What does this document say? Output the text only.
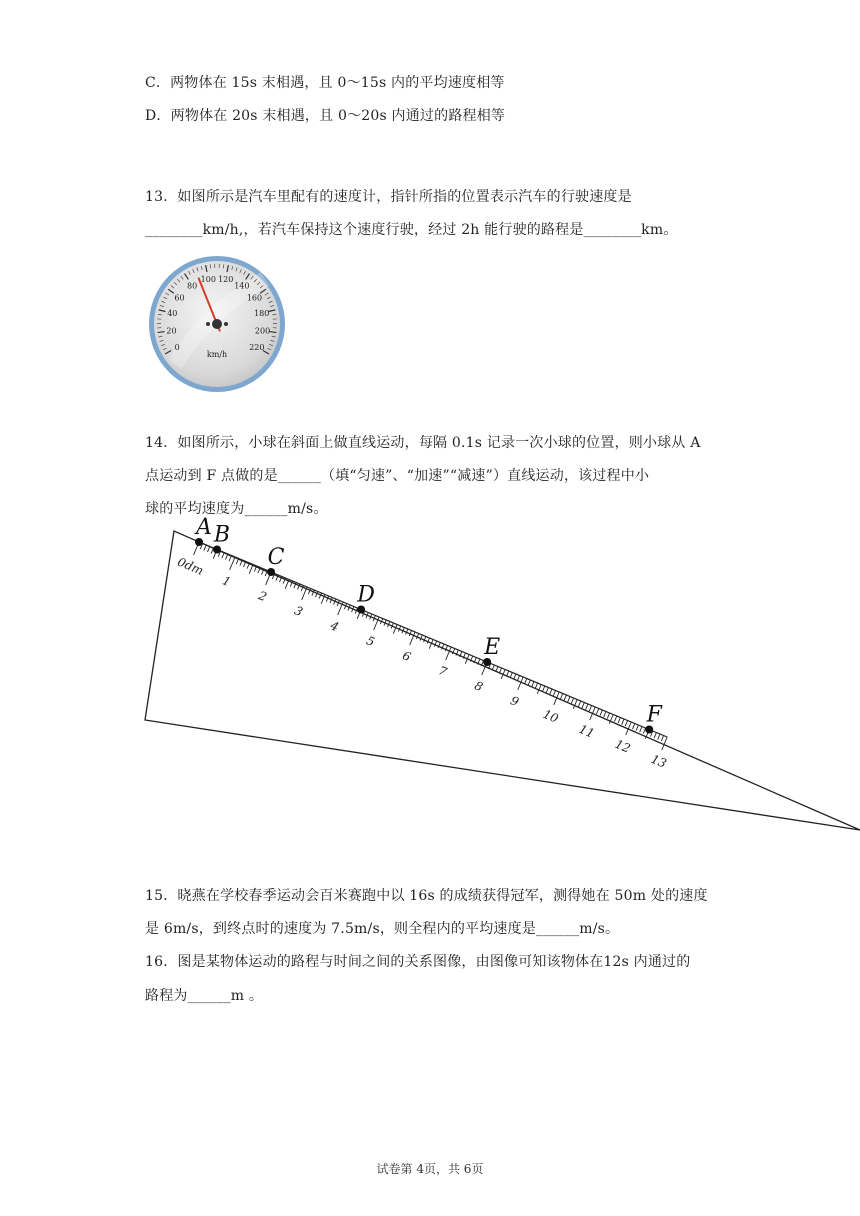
C．两物体在 15s 末相遇，且 0～15s 内的平均速度相等
D．两物体在 20s 末相遇，且 0～20s 内通过的路程相等
13．如图所示是汽车里配有的速度计，指针所指的位置表示汽车的行驶速度是
________km/h,，若汽车保持这个速度行驶，经过 2h 能行驶的路程是________km。
0
20
40
60
80
100 120
140
160
180
200
220
km/h
14．如图所示，小球在斜面上做直线运动，每隔 0.1s 记录一次小球的位置，则小球从 A
点运动到 F 点做的是______（填“匀速”、“加速”“减速”）直线运动，该过程中小
球的平均速度为______m/s。
0dm
1
2
3
4
5
6
7
8
9
10
11
12
13
A B
C
D
E
F
15．晓燕在学校春季运动会百米赛跑中以 16s 的成绩获得冠军，测得她在 50m 处的速度
是 6m/s，到终点时的速度为 7.5m/s，则全程内的平均速度是______m/s。
16．图是某物体运动的路程与时间之间的关系图像，由图像可知该物体在12s 内通过的
路程为______m 。
试卷第 4页，共 6页
